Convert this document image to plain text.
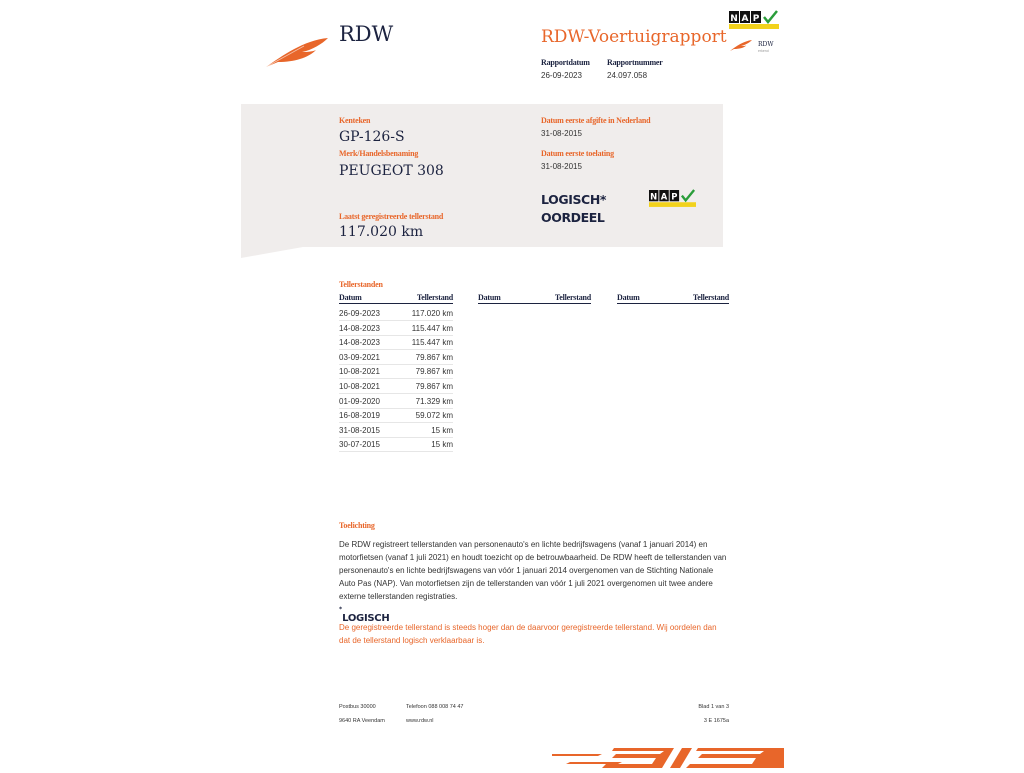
RDW	RDW-Voertuigrapport
Rapportdatum
26-09-2023
Rapportnummer
24.097.058
N A P
RDW
erkend
Kenteken
GP-126-S
Merk/Handelsbenaming
PEUGEOT 308
Laatst geregistreerde tellerstand
117.020 km
Datum eerste afgifte in Nederland
31-08-2015
Datum eerste toelating
31-08-2015
LOGISCH*
OORDEEL
N A P
Tellerstanden
Datum	Tellerstand	Datum	Tellerstand	Datum	Tellerstand
26-09-2023	117.020 km
14-08-2023	115.447 km
14-08-2023	115.447 km
03-09-2021	79.867 km
10-08-2021	79.867 km
10-08-2021	79.867 km
01-09-2020	71.329 km
16-08-2019	59.072 km
31-08-2015	15 km
30-07-2015	15 km
Toelichting
De RDW registreert tellerstanden van personenauto's en lichte bedrijfswagens (vanaf 1 januari 2014) en motorfietsen (vanaf 1 juli 2021) en houdt toezicht op de betrouwbaarheid. De RDW heeft de tellerstanden van personenauto's en lichte bedrijfswagens van vóór 1 januari 2014 overgenomen van de Stichting Nationale Auto Pas (NAP). Van motorfietsen zijn de tellerstanden van vóór 1 juli 2021 overgenomen uit twee andere externe tellerstanden registraties.
*LOGISCH
De geregistreerde tellerstand is steeds hoger dan de daarvoor geregistreerde tellerstand. Wij oordelen dan dat de tellerstand logisch verklaarbaar is.
Postbus 30000
9640 RA Veendam
Telefoon 088 008 74 47
www.rdw.nl
Blad 1 van 3
3 E 1675a
